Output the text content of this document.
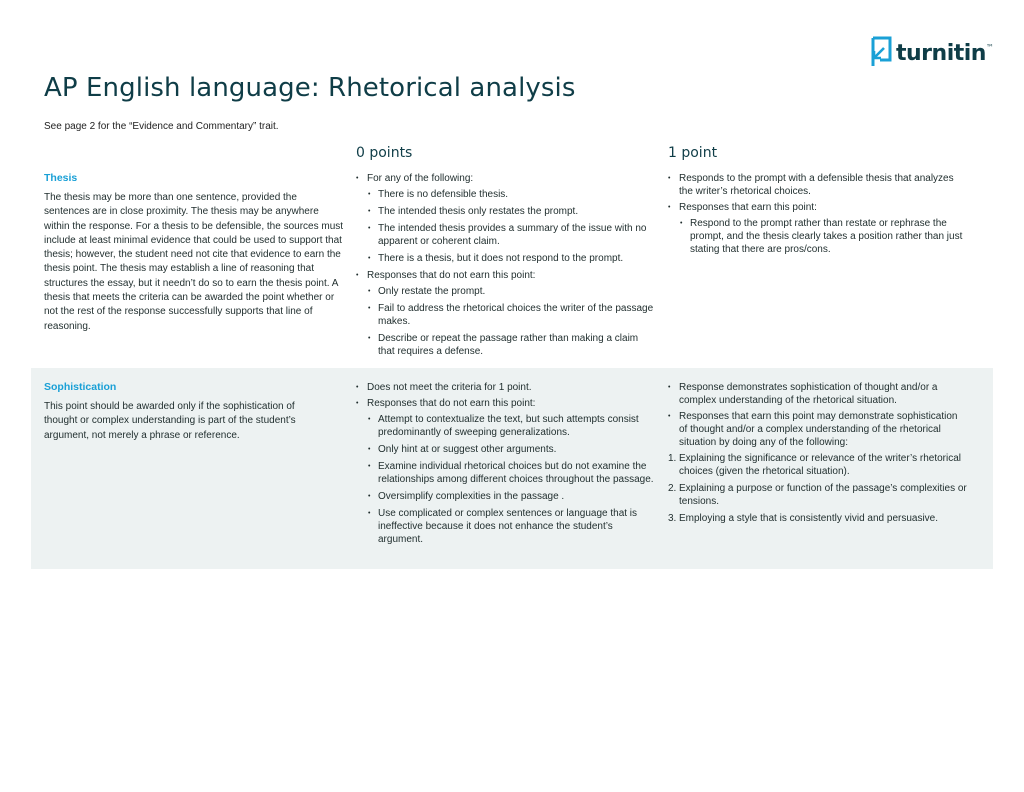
turnitin™
AP English language: Rhetorical analysis
See page 2 for the “Evidence and Commentary” trait.
0 points	1 point
Thesis

The thesis may be more than one sentence, provided the sentences are in close proximity. The thesis may be anywhere within the response. For a thesis to be defensible, the sources must include at least minimal evidence that could be used to support that thesis; however, the student need not cite that evidence to earn the thesis point. The thesis may establish a line of reasoning that structures the essay, but it needn’t do so to earn the thesis point. A thesis that meets the criteria can be awarded the point whether or not the rest of the response successfully supports that line of reasoning.

• For any of the following:
• There is no defensible thesis.
• The intended thesis only restates the prompt.
• The intended thesis provides a summary of the issue with no apparent or coherent claim.
• There is a thesis, but it does not respond to the prompt.
• Responses that do not earn this point:
• Only restate the prompt.
• Fail to address the rhetorical choices the writer of the passage makes.
• Describe or repeat the passage rather than making a claim that requires a defense.
• Responds to the prompt with a defensible thesis that analyzes the writer’s rhetorical choices.
• Responses that earn this point:
• Respond to the prompt rather than restate or rephrase the prompt, and the thesis clearly takes a position rather than just stating that there are pros/cons.
Sophistication

This point should be awarded only if the sophistication of thought or complex understanding is part of the student’s argument, not merely a phrase or reference.

• Does not meet the criteria for 1 point.
• Responses that do not earn this point:
• Attempt to contextualize the text, but such attempts consist predominantly of sweeping generalizations.
• Only hint at or suggest other arguments.
• Examine individual rhetorical choices but do not examine the relationships among different choices throughout the passage.
• Oversimplify complexities in the passage .
• Use complicated or complex sentences or language that is ineffective because it does not enhance the student’s argument.
• Response demonstrates sophistication of thought and/or a complex understanding of the rhetorical situation.
• Responses that earn this point may demonstrate sophistication of thought and/or a complex understanding of the rhetorical situation by doing any of the following:
1. Explaining the significance or relevance of the writer’s rhetorical choices (given the rhetorical situation).
2. Explaining a purpose or function of the passage’s complexities or tensions.
3. Employing a style that is consistently vivid and persuasive.
